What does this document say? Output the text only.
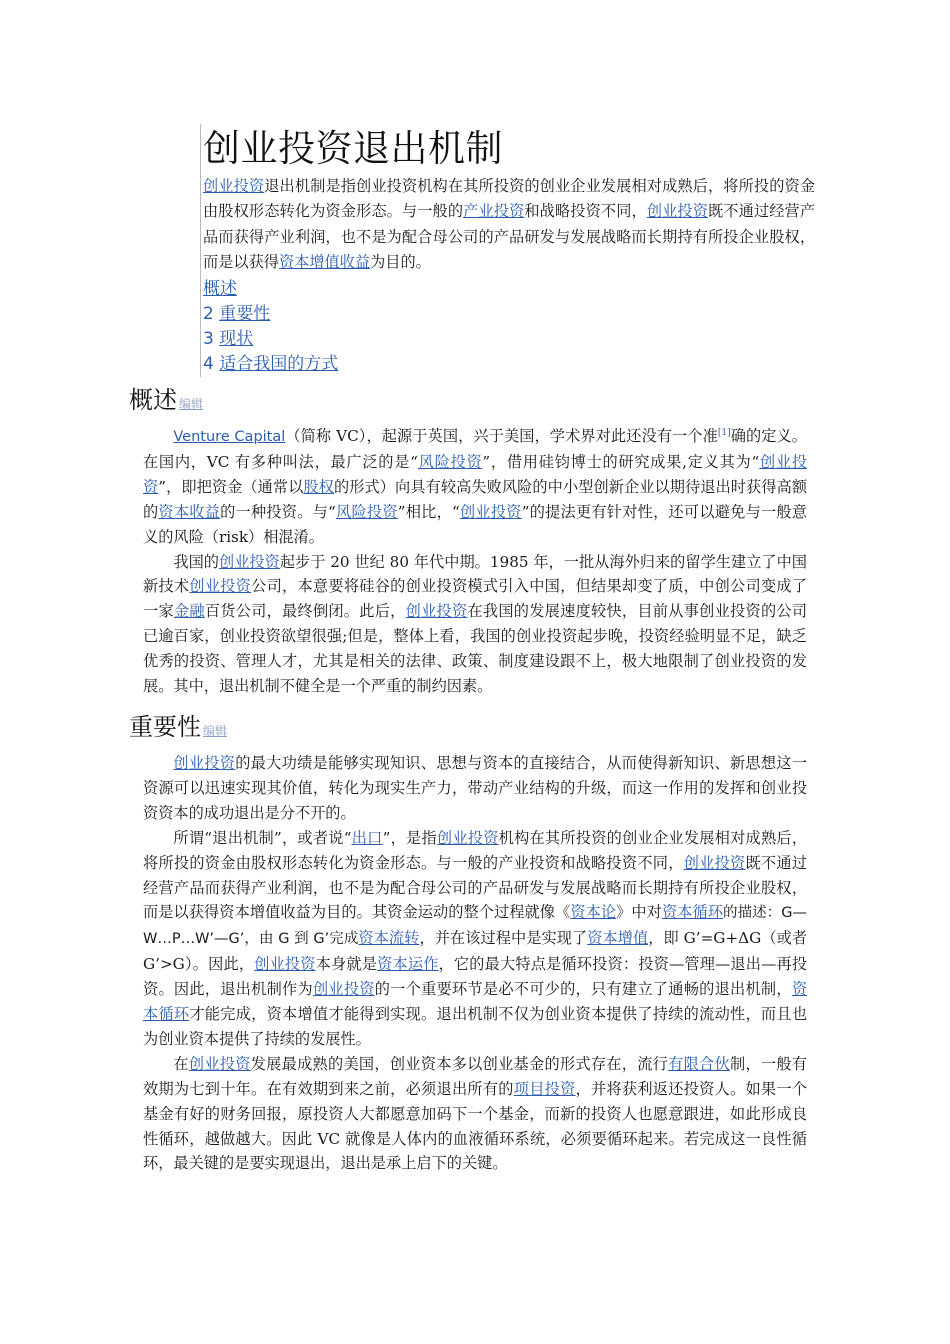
创业投资退出机制

创业投资退出机制是指创业投资机构在其所投资的创业企业发展相对成熟后，将所投的资金由股权形态转化为资金形态。与一般的产业投资和战略投资不同，创业投资既不通过经营产品而获得产业利润，也不是为配合母公司的产品研发与发展战略而长期持有所投企业股权，而是以获得资本增值收益为目的。

概述
2 重要性
3 现状
4 适合我国的方式
概述 编辑

Venture Capital（简称 VC），起源于英国，兴于美国，学术界对此还没有一个准[1]确的定义。在国内，VC 有多种叫法，最广泛的是“风险投资”，借用硅钧博士的研究成果,定义其为“创业投资”，即把资金（通常以股权的形式）向具有较高失败风险的中小型创新企业以期待退出时获得高额的资本收益的一种投资。与“风险投资”相比，“创业投资”的提法更有针对性，还可以避免与一般意义的风险（risk）相混淆。

我国的创业投资起步于 20 世纪 80 年代中期。1985 年，一批从海外归来的留学生建立了中国新技术创业投资公司，本意要将硅谷的创业投资模式引入中国，但结果却变了质，中创公司变成了一家金融百货公司，最终倒闭。此后，创业投资在我国的发展速度较快，目前从事创业投资的公司已逾百家，创业投资欲望很强;但是，整体上看，我国的创业投资起步晚，投资经验明显不足，缺乏优秀的投资、管理人才，尤其是相关的法律、政策、制度建设跟不上，极大地限制了创业投资的发展。其中，退出机制不健全是一个严重的制约因素。

重要性 编辑

创业投资的最大功绩是能够实现知识、思想与资本的直接结合，从而使得新知识、新思想这一资源可以迅速实现其价值，转化为现实生产力，带动产业结构的升级，而这一作用的发挥和创业投资资本的成功退出是分不开的。

所谓“退出机制”，或者说“出口”，是指创业投资机构在其所投资的创业企业发展相对成熟后，将所投的资金由股权形态转化为资金形态。与一般的产业投资和战略投资不同，创业投资既不通过经营产品而获得产业利润，也不是为配合母公司的产品研发与发展战略而长期持有所投企业股权，而是以获得资本增值收益为目的。其资金运动的整个过程就像《资本论》中对资本循环的描述：G—W…P…W’—G’，由 G 到 G’完成资本流转，并在该过程中是实现了资本增值，即 G’=G+ΔG（或者 G’>G）。因此，创业投资本身就是资本运作，它的最大特点是循环投资：投资—管理—退出—再投资。因此，退出机制作为创业投资的一个重要环节是必不可少的，只有建立了通畅的退出机制，资本循环才能完成，资本增值才能得到实现。退出机制不仅为创业资本提供了持续的流动性，而且也为创业资本提供了持续的发展性。

在创业投资发展最成熟的美国，创业资本多以创业基金的形式存在，流行有限合伙制，一般有效期为七到十年。在有效期到来之前，必须退出所有的项目投资，并将获利返还投资人。如果一个基金有好的财务回报，原投资人大都愿意加码下一个基金，而新的投资人也愿意跟进，如此形成良性循环，越做越大。因此 VC 就像是人体内的血液循环系统，必须要循环起来。若完成这一良性循环，最关键的是要实现退出，退出是承上启下的关键。
